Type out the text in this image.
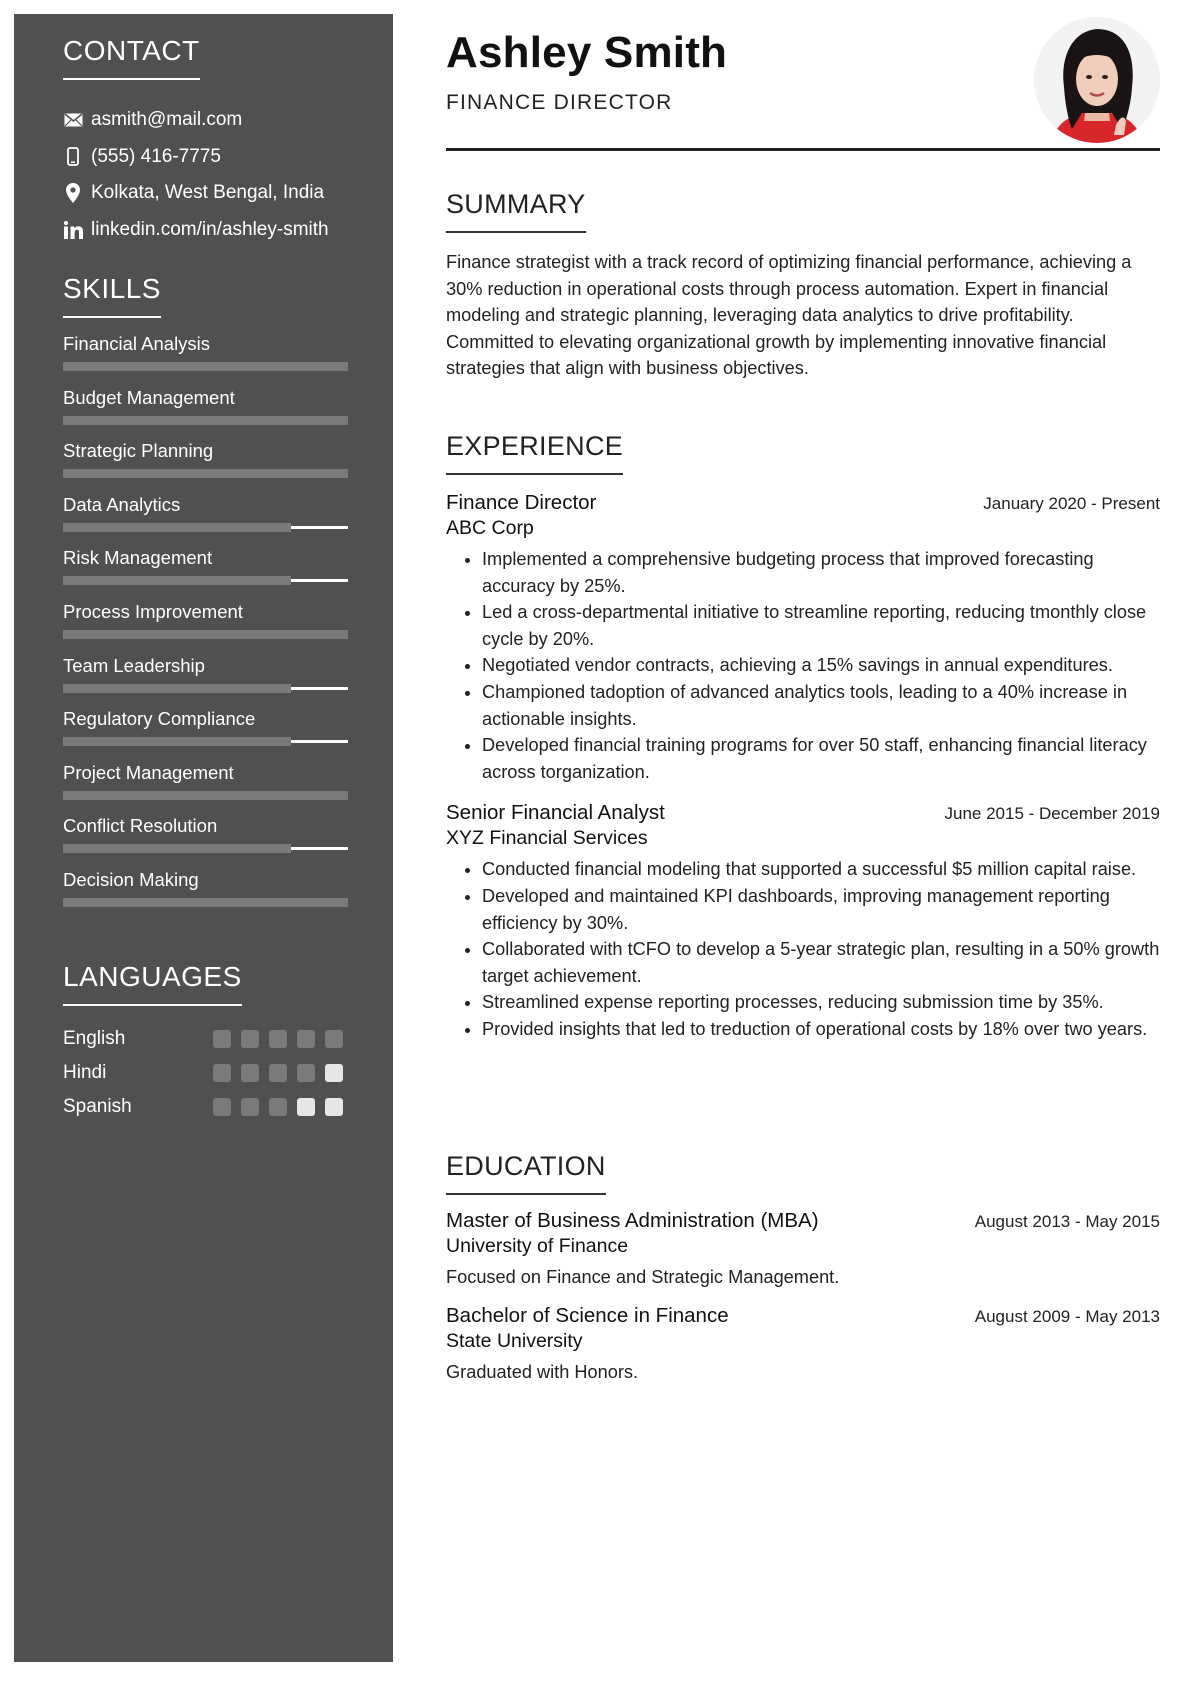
CONTACT
asmith@mail.com
(555) 416-7775
Kolkata, West Bengal, India
linkedin.com/in/ashley-smith
SKILLS
Financial Analysis
Budget Management
Strategic Planning
Data Analytics
Risk Management
Process Improvement
Team Leadership
Regulatory Compliance
Project Management
Conflict Resolution
Decision Making
LANGUAGES
English
Hindi
Spanish
Ashley Smith
FINANCE DIRECTOR
SUMMARY
Finance strategist with a track record of optimizing financial performance, achieving a 30% reduction in operational costs through process automation. Expert in financial modeling and strategic planning, leveraging data analytics to drive profitability. Committed to elevating organizational growth by implementing innovative financial strategies that align with business objectives.
EXPERIENCE
Finance Director	January 2020 - Present
ABC Corp
• Implemented a comprehensive budgeting process that improved forecasting accuracy by 25%.
• Led a cross-departmental initiative to streamline reporting, reducing tmonthly close cycle by 20%.
• Negotiated vendor contracts, achieving a 15% savings in annual expenditures.
• Championed tadoption of advanced analytics tools, leading to a 40% increase in actionable insights.
• Developed financial training programs for over 50 staff, enhancing financial literacy across torganization.
Senior Financial Analyst	June 2015 - December 2019
XYZ Financial Services
• Conducted financial modeling that supported a successful $5 million capital raise.
• Developed and maintained KPI dashboards, improving management reporting efficiency by 30%.
• Collaborated with tCFO to develop a 5-year strategic plan, resulting in a 50% growth target achievement.
• Streamlined expense reporting processes, reducing submission time by 35%.
• Provided insights that led to treduction of operational costs by 18% over two years.
EDUCATION
Master of Business Administration (MBA)	August 2013 - May 2015
University of Finance
Focused on Finance and Strategic Management.
Bachelor of Science in Finance	August 2009 - May 2013
State University
Graduated with Honors.
